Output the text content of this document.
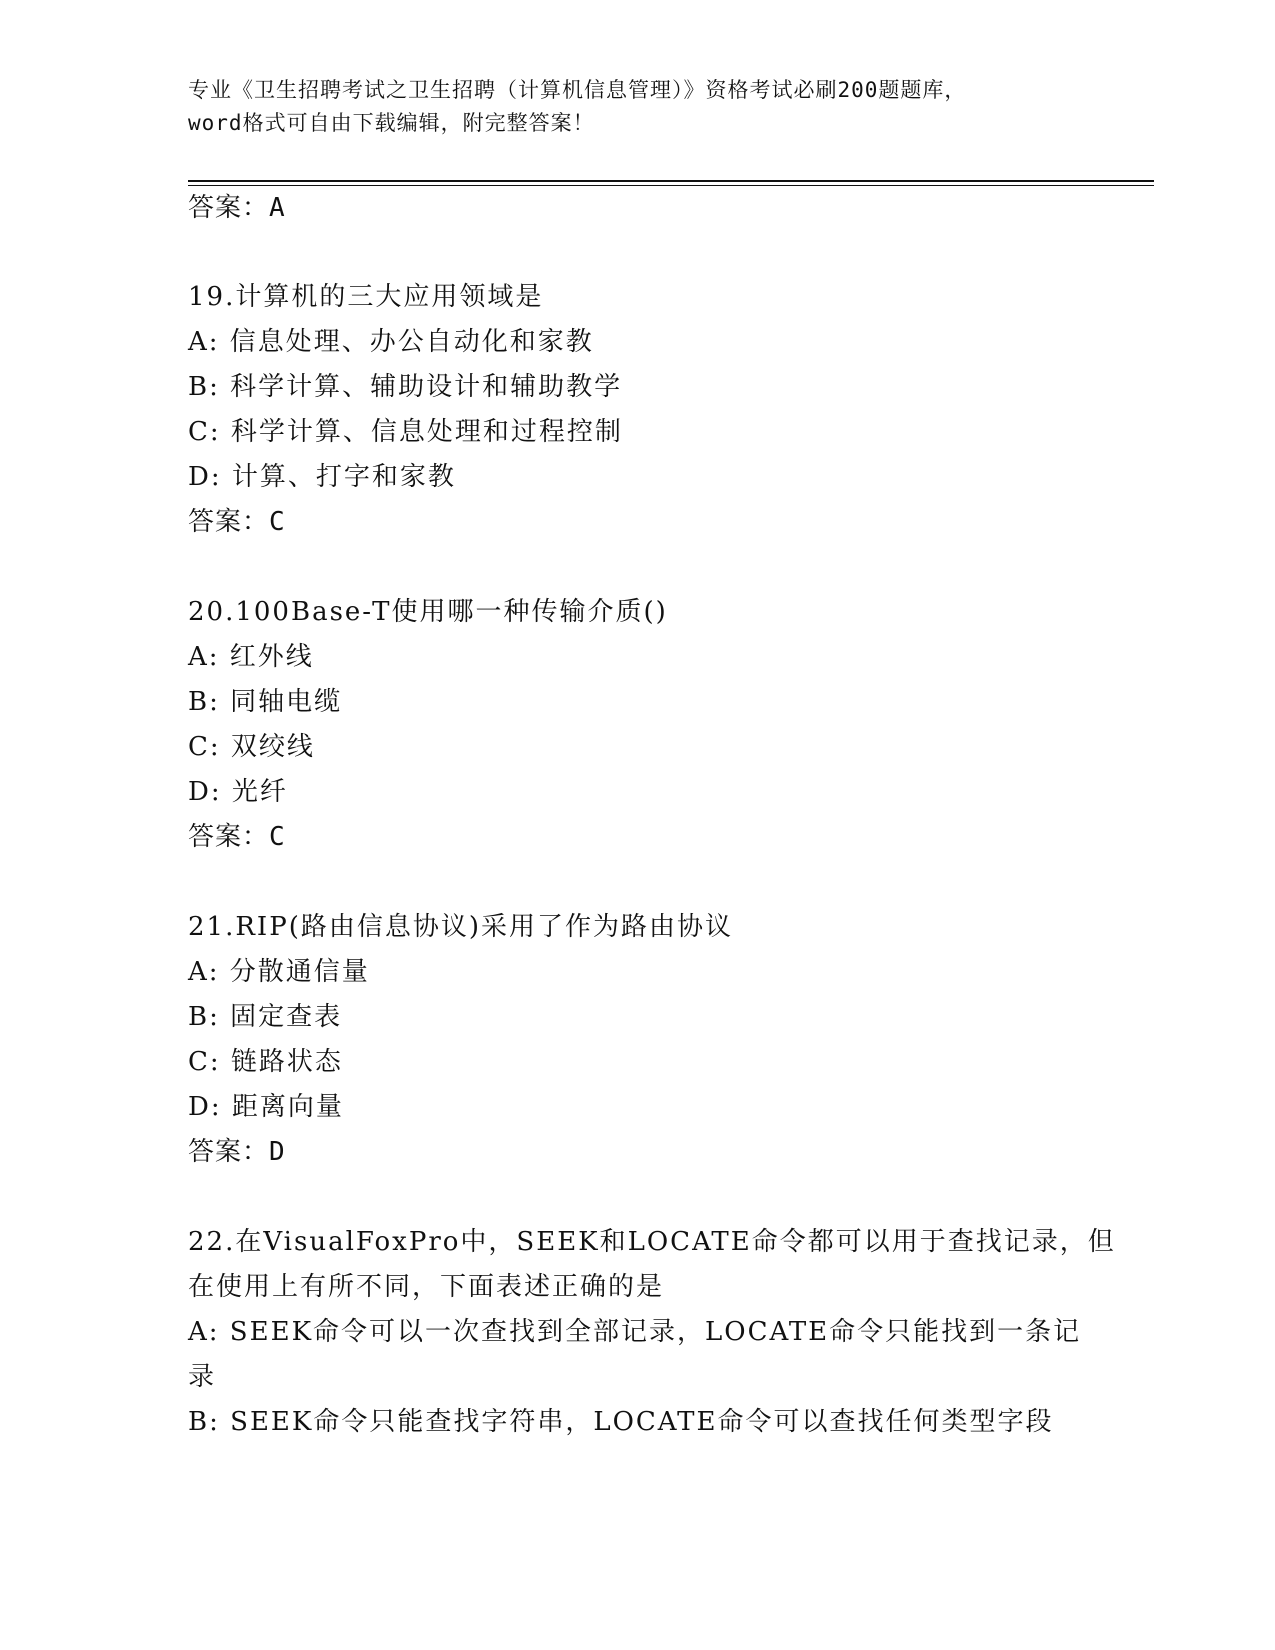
专业《卫生招聘考试之卫生招聘（计算机信息管理）》资格考试必刷200题题库，
word格式可自由下载编辑，附完整答案！
答案：A
19.计算机的三大应用领域是
A: 信息处理、办公自动化和家教
B: 科学计算、辅助设计和辅助教学
C: 科学计算、信息处理和过程控制
D: 计算、打字和家教
答案：C
20.100Base-T使用哪一种传输介质()
A: 红外线
B: 同轴电缆
C: 双绞线
D: 光纤
答案：C
21.RIP(路由信息协议)采用了作为路由协议
A: 分散通信量
B: 固定查表
C: 链路状态
D: 距离向量
答案：D
22.在VisualFoxPro中，SEEK和LOCATE命令都可以用于查找记录，但
在使用上有所不同，下面表述正确的是
A: SEEK命令可以一次查找到全部记录，LOCATE命令只能找到一条记
录
B: SEEK命令只能查找字符串，LOCATE命令可以查找任何类型字段
